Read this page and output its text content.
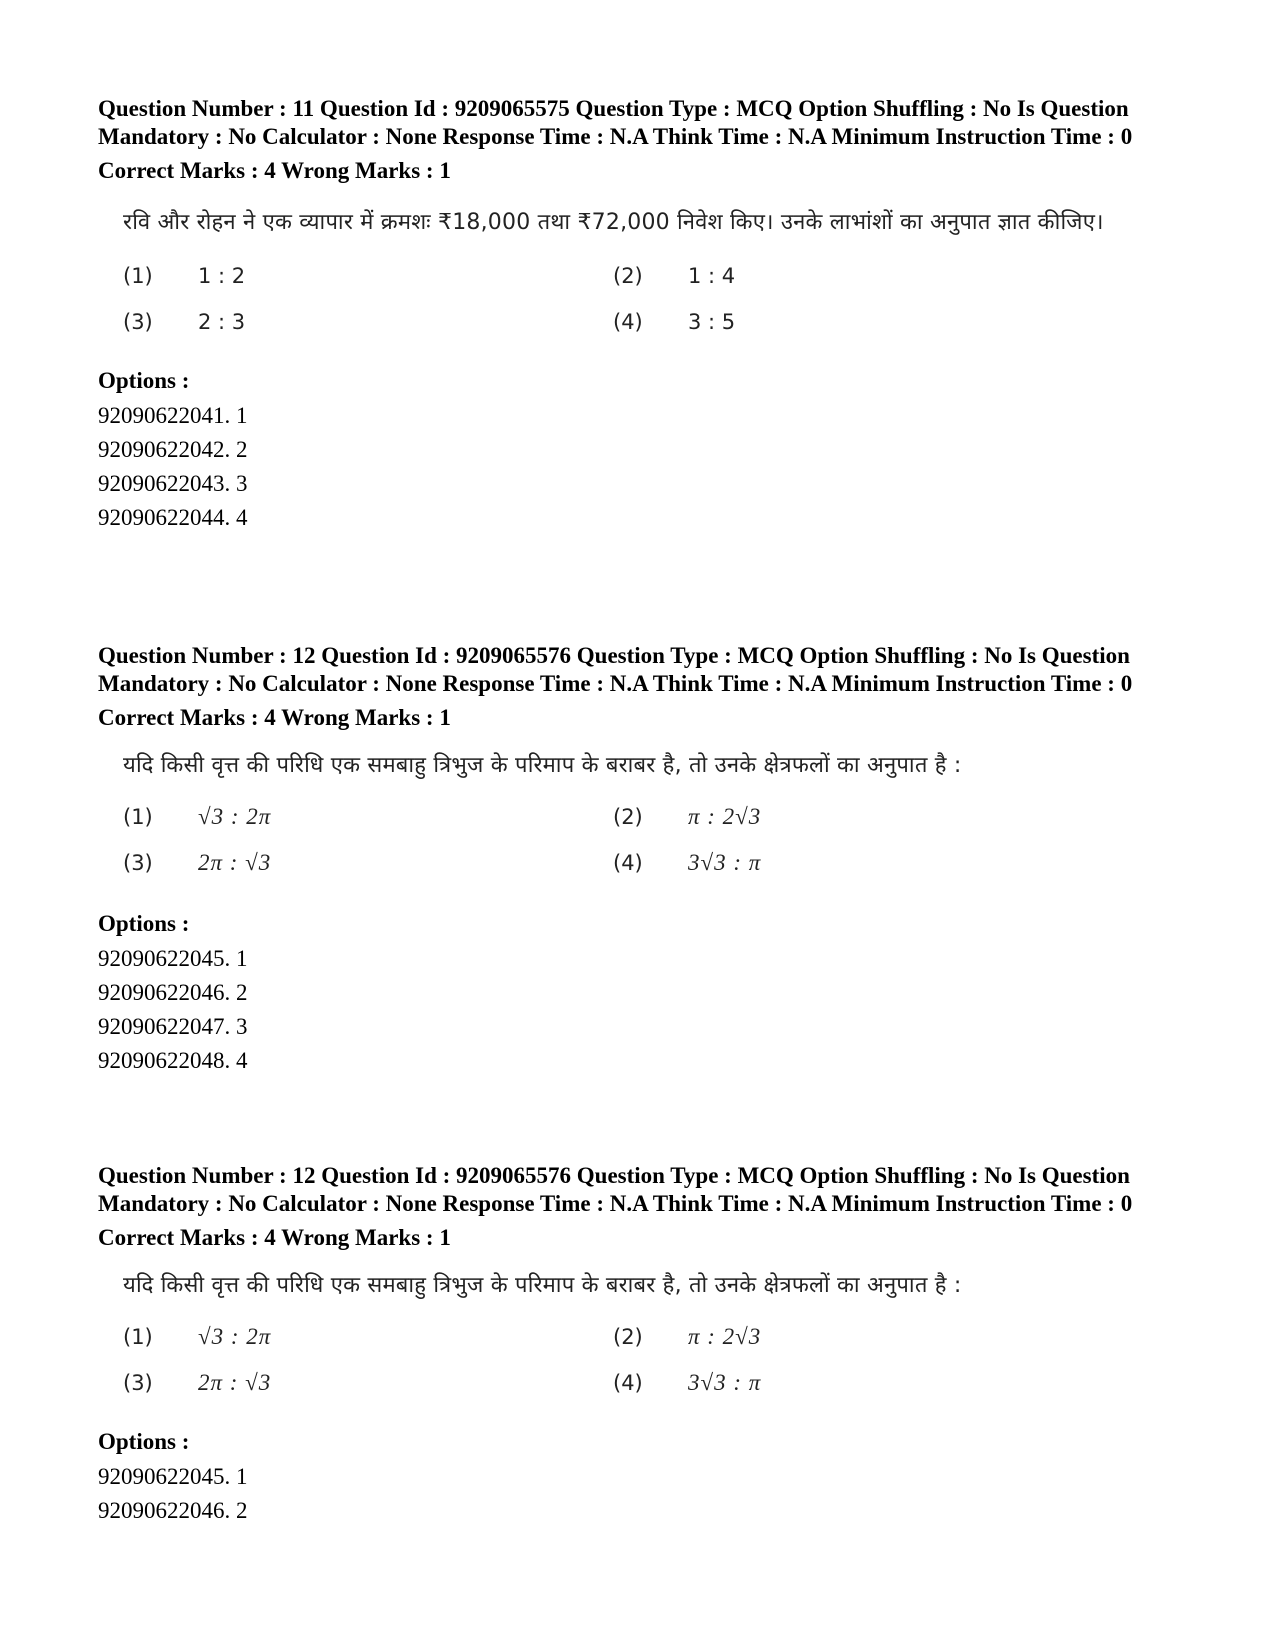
Question Number : 11 Question Id : 9209065575 Question Type : MCQ Option Shuffling : No Is Question Mandatory : No Calculator : None Response Time : N.A Think Time : N.A Minimum Instruction Time : 0

Correct Marks : 4 Wrong Marks : 1
रवि और रोहन ने एक व्यापार में क्रमशः ₹18,000 तथा ₹72,000 निवेश किए। उनके लाभांशों का अनुपात ज्ञात कीजिए।
(1)	1 : 2	(2)	1 : 4
(3)	2 : 3	(4)	3 : 5
Options :
92090622041. 1
92090622042. 2
92090622043. 3
92090622044. 4

Question Number : 12 Question Id : 9209065576 Question Type : MCQ Option Shuffling : No Is Question Mandatory : No Calculator : None Response Time : N.A Think Time : N.A Minimum Instruction Time : 0

Correct Marks : 4 Wrong Marks : 1
यदि किसी वृत्त की परिधि एक समबाहु त्रिभुज के परिमाप के बराबर है, तो उनके क्षेत्रफलों का अनुपात है :
(1)	√3 : 2π	(2)	π : 2√3
(3)	2π : √3	(4)	3√3 : π
Options :
92090622045. 1
92090622046. 2
92090622047. 3
92090622048. 4

Question Number : 12 Question Id : 9209065576 Question Type : MCQ Option Shuffling : No Is Question Mandatory : No Calculator : None Response Time : N.A Think Time : N.A Minimum Instruction Time : 0

Correct Marks : 4 Wrong Marks : 1
यदि किसी वृत्त की परिधि एक समबाहु त्रिभुज के परिमाप के बराबर है, तो उनके क्षेत्रफलों का अनुपात है :
(1)	√3 : 2π	(2)	π : 2√3
(3)	2π : √3	(4)	3√3 : π
Options :
92090622045. 1
92090622046. 2
